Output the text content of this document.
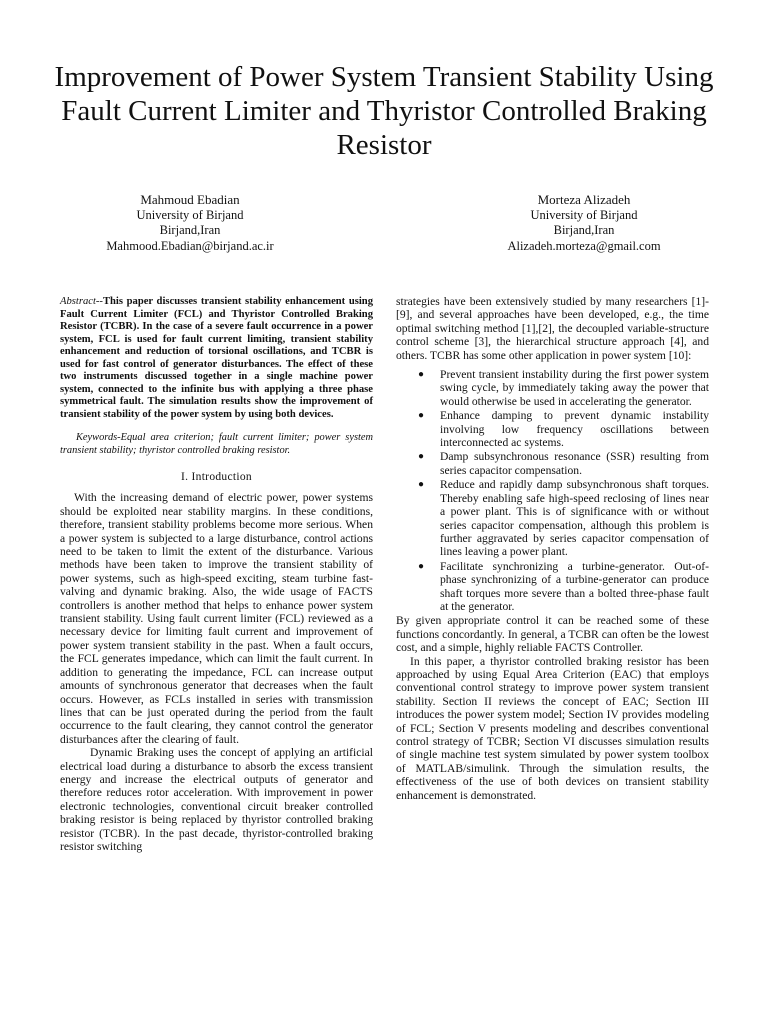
Improvement of Power System Transient Stability Using Fault Current Limiter and Thyristor Controlled Braking Resistor
Mahmoud Ebadian
University of Birjand
Birjand,Iran
Mahmood.Ebadian@birjand.ac.ir
Morteza Alizadeh
University of Birjand
Birjand,Iran
Alizadeh.morteza@gmail.com

Abstract--This paper discusses transient stability enhancement using Fault Current Limiter (FCL) and Thyristor Controlled Braking Resistor (TCBR). In the case of a severe fault occurrence in a power system, FCL is used for fault current limiting, transient stability enhancement and reduction of torsional oscillations, and TCBR is used for fast control of generator disturbances. The effect of these two instruments discussed together in a single machine power system, connected to the infinite bus with applying a three phase symmetrical fault. The simulation results show the improvement of transient stability of the power system by using both devices.

Keywords-Equal area criterion; fault current limiter; power system transient stability; thyristor controlled braking resistor.

I. Introduction

With the increasing demand of electric power, power systems should be exploited near stability margins. In these conditions, therefore, transient stability problems become more serious. When a power system is subjected to a large disturbance, control actions need to be taken to limit the extent of the disturbance. Various methods have been taken to improve the transient stability of power systems, such as high-speed exciting, steam turbine fast-valving and dynamic braking. Also, the wide usage of FACTS controllers is another method that helps to enhance power system transient stability. Using fault current limiter (FCL) reviewed as a necessary device for limiting fault current and improvement of power system transient stability in the past. When a fault occurs, the FCL generates impedance, which can limit the fault current. In addition to generating the impedance, FCL can increase output amounts of synchronous generator that decreases when the fault occurs. However, as FCLs installed in series with transmission lines that can be just operated during the period from the fault occurrence to the fault clearing, they cannot control the generator disturbances after the clearing of fault.

Dynamic Braking uses the concept of applying an artificial electrical load during a disturbance to absorb the excess transient energy and increase the electrical outputs of generator and therefore reduces rotor acceleration. With improvement in power electronic technologies, conventional circuit breaker controlled braking resistor is being replaced by thyristor controlled braking resistor (TCBR). In the past decade, thyristor-controlled braking resistor switching

strategies have been extensively studied by many researchers [1]-[9], and several approaches have been developed, e.g., the time optimal switching method [1],[2], the decoupled variable-structure control scheme [3], the hierarchical structure approach [4], and others. TCBR has some other application in power system [10]:

● Prevent transient instability during the first power system swing cycle, by immediately taking away the power that would otherwise be used in accelerating the generator.
● Enhance damping to prevent dynamic instability involving low frequency oscillations between interconnected ac systems.
● Damp subsynchronous resonance (SSR) resulting from series capacitor compensation.
● Reduce and rapidly damp subsynchronous shaft torques. Thereby enabling safe high-speed reclosing of lines near a power plant. This is of significance with or without series capacitor compensation, although this problem is further aggravated by series capacitor compensation of lines leaving a power plant.
● Facilitate synchronizing a turbine-generator. Out-of-phase synchronizing of a turbine-generator can produce shaft torques more severe than a bolted three-phase fault at the generator.

By given appropriate control it can be reached some of these functions concordantly. In general, a TCBR can often be the lowest cost, and a simple, highly reliable FACTS Controller.

In this paper, a thyristor controlled braking resistor has been approached by using Equal Area Criterion (EAC) that employs conventional control strategy to improve power system transient stability. Section II reviews the concept of EAC; Section III introduces the power system model; Section IV provides modeling of FCL; Section V presents modeling and describes conventional control strategy of TCBR; Section VI discusses simulation results of single machine test system simulated by power system toolbox of MATLAB/simulink. Through the simulation results, the effectiveness of the use of both devices on transient stability enhancement is demonstrated.
